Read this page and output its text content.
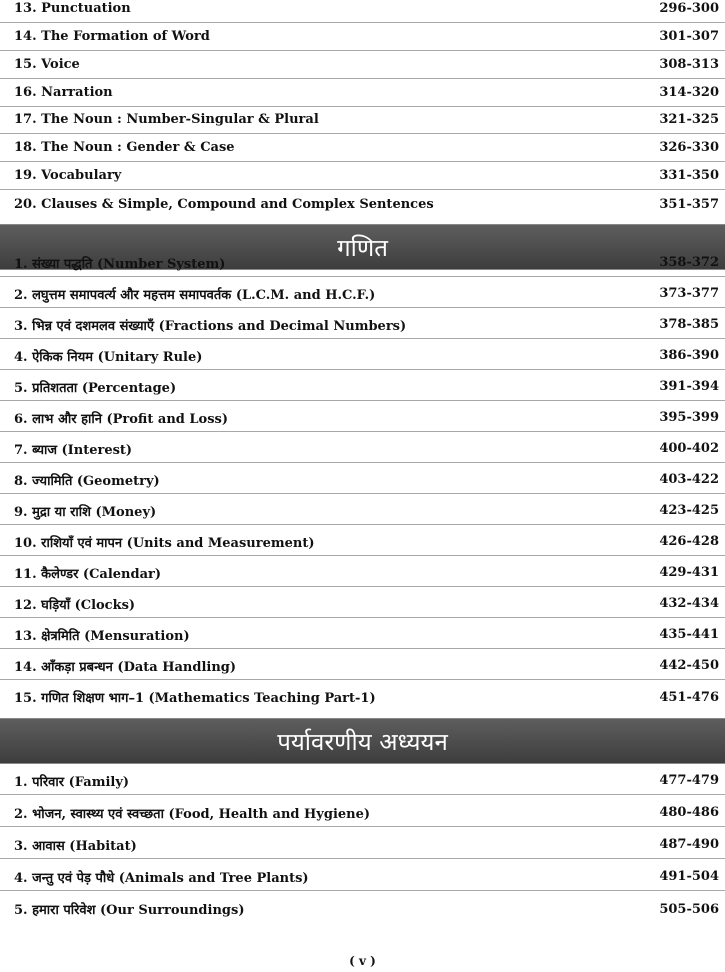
13. Punctuation	296-300
14. The Formation of Word	301-307
15. Voice	308-313
16. Narration	314-320
17. The Noun : Number-Singular & Plural	321-325
18. The Noun : Gender & Case	326-330
19. Vocabulary	331-350
20. Clauses & Simple, Compound and Complex Sentences	351-357
गणित
1. संख्या पद्धति (Number System)	358-372
2. लघुत्तम समापवर्त्य और महत्तम समापवर्तक (L.C.M. and H.C.F.)	373-377
3. भिन्न एवं दशमलव संख्याएँ (Fractions and Decimal Numbers)	378-385
4. ऐकिक नियम (Unitary Rule)	386-390
5. प्रतिशतता (Percentage)	391-394
6. लाभ और हानि (Profit and Loss)	395-399
7. ब्याज (Interest)	400-402
8. ज्यामिति (Geometry)	403-422
9. मुद्रा या राशि (Money)	423-425
10. राशियाँ एवं मापन (Units and Measurement)	426-428
11. कैलेण्डर (Calendar)	429-431
12. घड़ियाँ (Clocks)	432-434
13. क्षेत्रमिति (Mensuration)	435-441
14. आँकड़ा प्रबन्धन (Data Handling)	442-450
15. गणित शिक्षण भाग–1 (Mathematics Teaching Part-1)	451-476
पर्यावरणीय अध्ययन
1. परिवार (Family)	477-479
2. भोजन, स्वास्थ्य एवं स्वच्छता (Food, Health and Hygiene)	480-486
3. आवास (Habitat)	487-490
4. जन्तु एवं पेड़ पौधे (Animals and Tree Plants)	491-504
5. हमारा परिवेश (Our Surroundings)	505-506
( v )
